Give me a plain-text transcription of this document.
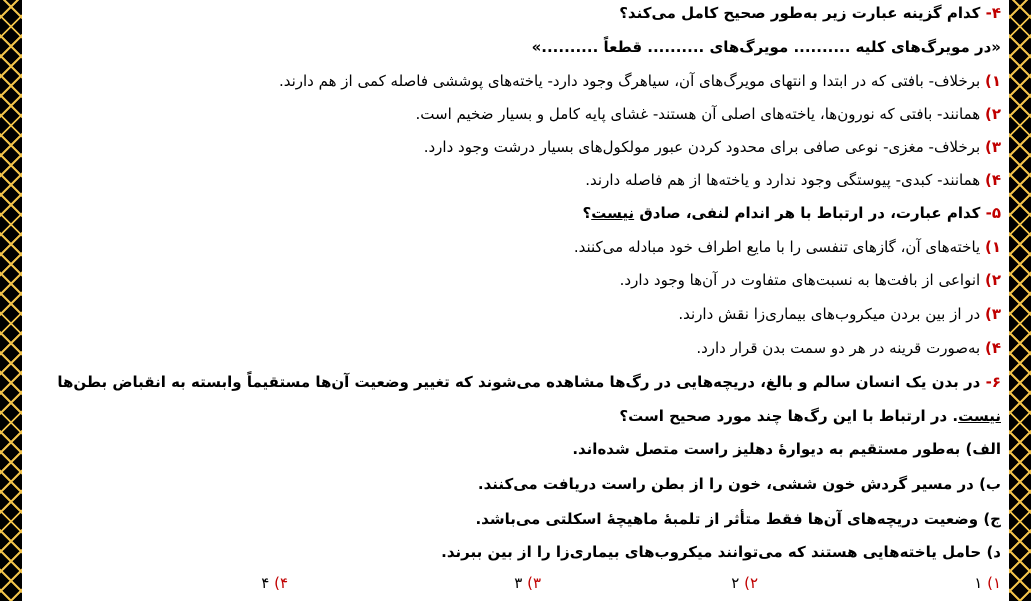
۴- کدام گزینه عبارت زیر به‌طور صحیح کامل می‌کند؟
«در مویرگ‌های کلیه .......... مویرگ‌های .......... قطعاً ..........»
۱) برخلاف- بافتی که در ابتدا و انتهای مویرگ‌های آن، سیاهرگ وجود دارد- یاخته‌های پوششی فاصله کمی از هم دارند.
۲) همانند- بافتی که نورون‌ها، یاخته‌های اصلی آن هستند- غشای پایه کامل و بسیار ضخیم است.
۳) برخلاف- مغزی- نوعی صافی برای محدود کردن عبور مولکول‌های بسیار درشت وجود دارد.
۴) همانند- کبدی- پیوستگی وجود ندارد و یاخته‌ها از هم فاصله دارند.
۵- کدام عبارت، در ارتباط با هر اندام لنفی، صادق نیست؟
۱) یاخته‌های آن، گازهای تنفسی را با مایع اطراف خود مبادله می‌کنند.
۲) انواعی از بافت‌ها به نسبت‌های متفاوت در آن‌ها وجود دارد.
۳) در از بین بردن میکروب‌های بیماری‌زا نقش دارند.
۴) به‌صورت قرینه در هر دو سمت بدن قرار دارد.
۶- در بدن یک انسان سالم و بالغ، دریچه‌هایی در رگ‌ها مشاهده می‌شوند که تغییر وضعیت آن‌ها مستقیماً وابسته به انقباض بطن‌ها
نیست. در ارتباط با این رگ‌ها چند مورد صحیح است؟
الف) به‌طور مستقیم به دیوارهٔ دهلیز راست متصل شده‌اند.
ب) در مسیر گردش خون ششی، خون را از بطن راست دریافت می‌کنند.
ج) وضعیت دریچه‌های آن‌ها فقط متأثر از تلمبهٔ ماهیچهٔ اسکلتی می‌باشد.
د) حامل یاخته‌هایی هستند که می‌توانند میکروب‌های بیماری‌زا را از بین ببرند.
۱) ۱
۲) ۲
۳) ۳
۴) ۴
